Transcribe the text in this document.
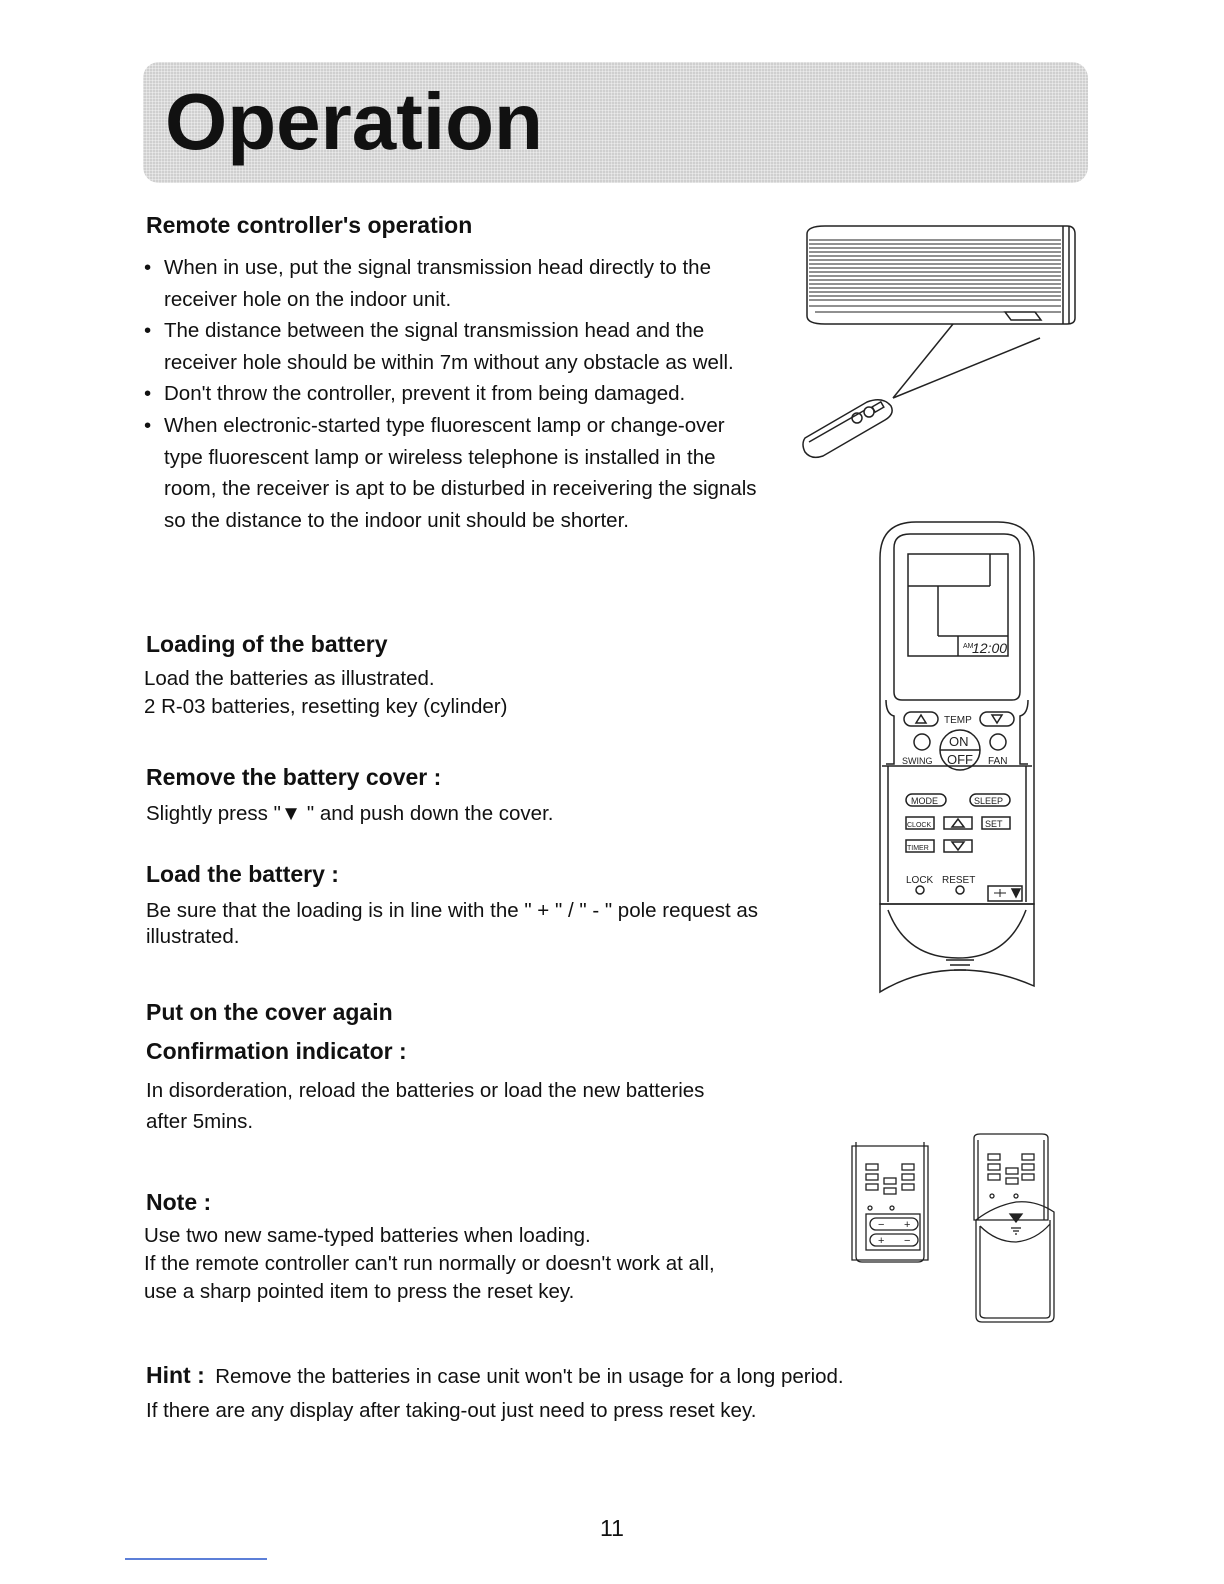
Operation
Remote controller's operation
• When in use, put the signal transmission head directly to the
receiver hole on the indoor unit.
• The distance between the signal transmission head and the
receiver hole should be within 7m without any obstacle as well.
• Don't throw the controller, prevent it from being damaged.
• When electronic-started type fluorescent lamp or change-over
type fluorescent lamp or wireless telephone is installed in the
room, the receiver is apt to be disturbed in receivering the signals
so the distance to the indoor unit should be shorter.
Loading of the battery
Load the batteries as illustrated.
2 R-03 batteries, resetting key (cylinder)
Remove the battery cover :
Slightly press "▼ " and push down the cover.
Load the battery :
Be sure that the loading is in line with the " + " / " - " pole request as
illustrated.
Put on the cover again
Confirmation indicator :
In disorderation, reload the batteries or load the new batteries
after 5mins.
Note :
Use two new same-typed batteries when loading.
If the remote controller can't run normally or doesn't work at all,
use a sharp pointed item to press the reset key.
Hint : Remove the batteries in case unit won't be in usage for a long period.
If there are any display after taking-out just need to press reset key.
11
AM
12:00
TEMP
ON
OFF
SWING	FAN
MODE	SLEEP
CLOCK	SET
TIMER
LOCK RESET
− +
+ −
